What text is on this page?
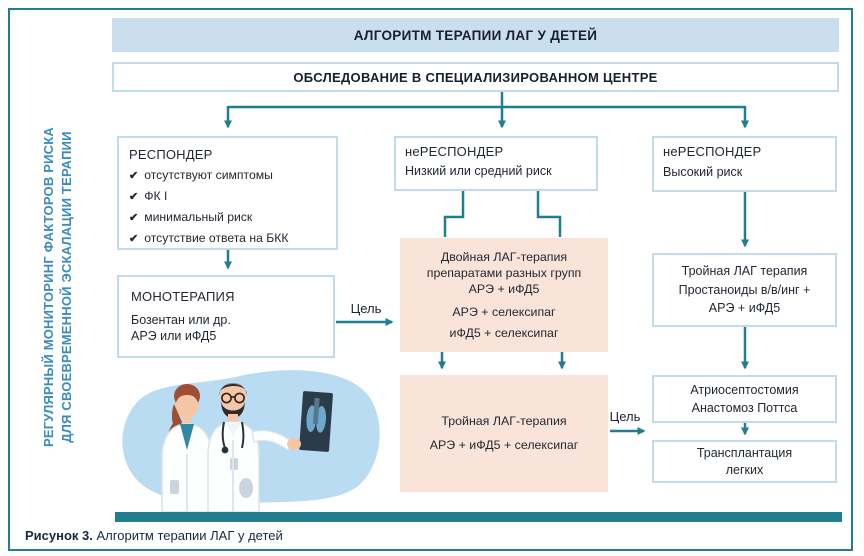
АЛГОРИТМ ТЕРАПИИ ЛАГ У ДЕТЕЙ
ОБСЛЕДОВАНИЕ В СПЕЦИАЛИЗИРОВАННОМ ЦЕНТРЕ
РЕГУЛЯРНЫЙ МОНИТОРИНГ ФАКТОРОВ РИСКА ДЛЯ СВОЕВРЕМЕННОЙ ЭСКАЛАЦИИ ТЕРАПИИ	РЕСПОНДЕР
✔ отсутствуют симптомы
✔ ФК I
✔ минимальный риск
✔ отсутствие ответа на БКК
МОНОТЕРАПИЯ
Бозентан или др.
АРЭ или иФД5
Цель
неРЕСПОНДЕР
Низкий или средний риск
Двойная ЛАГ-терапия
препаратами разных групп
АРЭ + иФД5
АРЭ + селексипаг
иФД5 + селексипаг
Тройная ЛАГ-терапия
АРЭ + иФД5 + селексипаг
Цель
неРЕСПОНДЕР
Высокий риск
Тройная ЛАГ терапия
Простаноиды в/в/инг +
АРЭ + иФД5
Атриосептостомия
Анастомоз Поттса
Трансплантация
легких
Рисунок 3. Алгоритм терапии ЛАГ у детей
